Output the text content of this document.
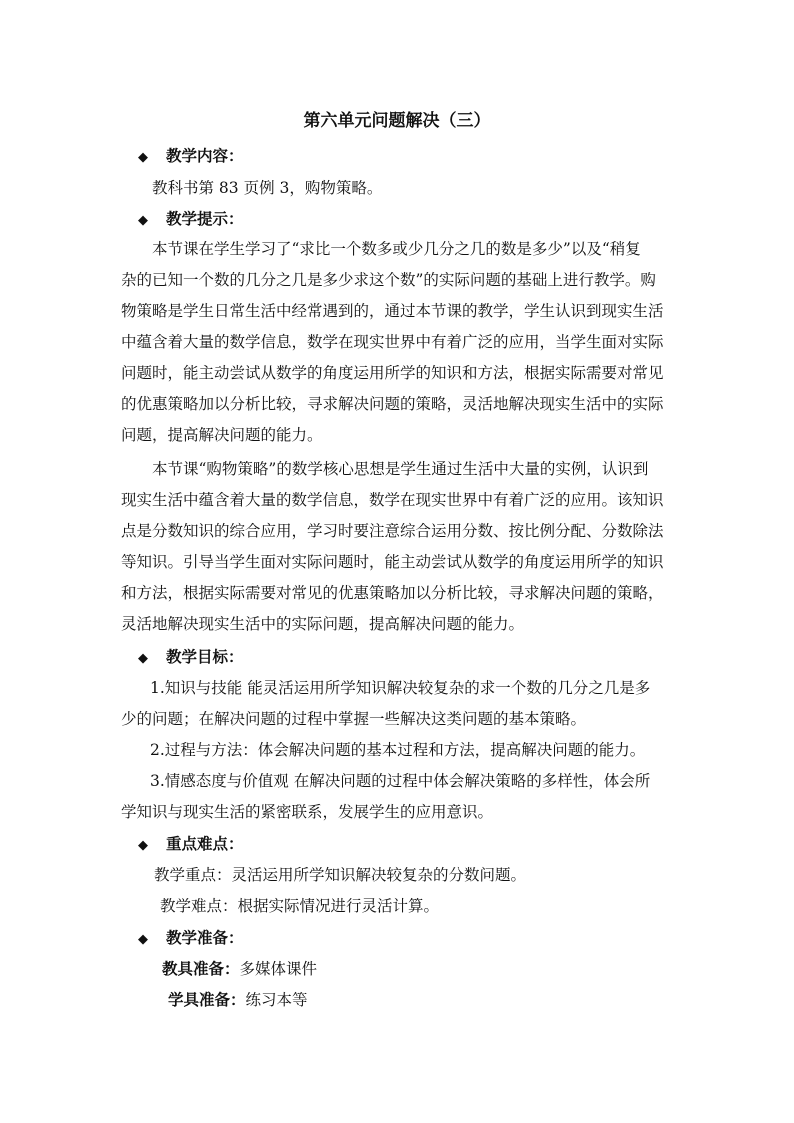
第六单元问题解决（三）
◆ 教学内容：
教科书第 83 页例 3，购物策略。
◆ 教学提示：
本节课在学生学习了“求比一个数多或少几分之几的数是多少”以及“稍复
杂的已知一个数的几分之几是多少求这个数”的实际问题的基础上进行教学。购
物策略是学生日常生活中经常遇到的，通过本节课的教学，学生认识到现实生活
中蕴含着大量的数学信息，数学在现实世界中有着广泛的应用，当学生面对实际
问题时，能主动尝试从数学的角度运用所学的知识和方法，根据实际需要对常见
的优惠策略加以分析比较，寻求解决问题的策略，灵活地解决现实生活中的实际
问题，提高解决问题的能力。
本节课“购物策略”的数学核心思想是学生通过生活中大量的实例，认识到
现实生活中蕴含着大量的数学信息，数学在现实世界中有着广泛的应用。该知识
点是分数知识的综合应用，学习时要注意综合运用分数、按比例分配、分数除法
等知识。引导当学生面对实际问题时，能主动尝试从数学的角度运用所学的知识
和方法，根据实际需要对常见的优惠策略加以分析比较，寻求解决问题的策略，
灵活地解决现实生活中的实际问题，提高解决问题的能力。
◆ 教学目标：
1.知识与技能 能灵活运用所学知识解决较复杂的求一个数的几分之几是多
少的问题；在解决问题的过程中掌握一些解决这类问题的基本策略。
2.过程与方法：体会解决问题的基本过程和方法，提高解决问题的能力。
3.情感态度与价值观 在解决问题的过程中体会解决策略的多样性，体会所
学知识与现实生活的紧密联系，发展学生的应用意识。
◆ 重点难点：
教学重点：灵活运用所学知识解决较复杂的分数问题。
教学难点：根据实际情况进行灵活计算。
◆ 教学准备：
教具准备：多媒体课件
学具准备：练习本等
